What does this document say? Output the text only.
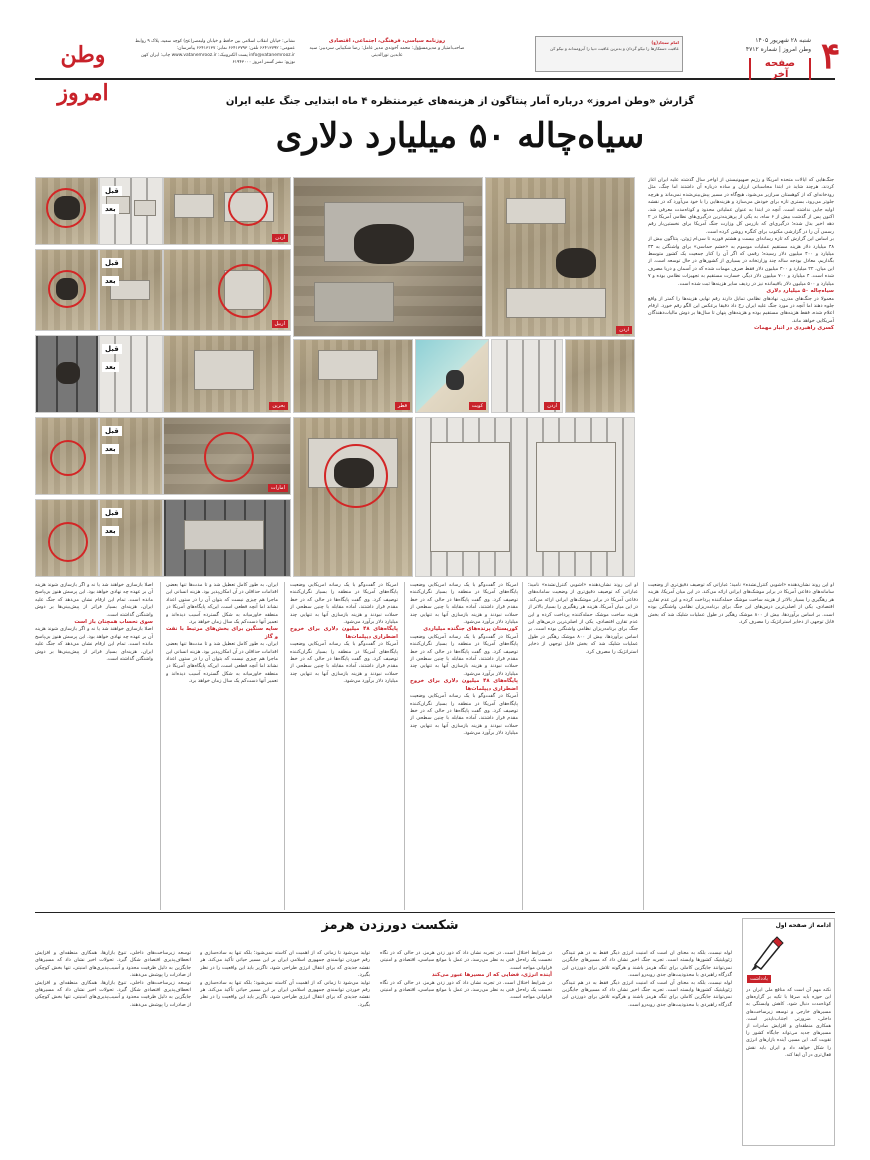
وطن امروز
نشانی: خیابان انقلاب اسلامی بین حافظ و خیابان ولیعصر(عج) کوچه سعید، پلاک ۹ روابط عمومی: ۶۶۴۱۳۷۹۲ تلفن: ۶۶۴۱۳۷۹۳ نمابر: ۶۶۴۱۳۱۳۷ پیامرسان: info@vatanemrooz.ir پست الکترونیک: www.vatanemrooz.ir چاپ: ایران کهن توزیع: نشر گستر امروز ۶۱۹۴۳۰۰۰
روزنامه سیاسی، فرهنگی، اجتماعی، اقتصادی
صاحب‌امتیاز و مدیرمسؤول: محمد آخوندی مدیر عامل: رضا شکیبایی سردبیر: سید عابدین نورالدینی
امام سجاد(ع)
عاقبت دستکارها را نیکو گردان و بدترین عاقبت دنیا را آبرومندانه و نیکو کن
شنبه ۲۸ شهریور ۱۴۰۵
وطن امروز | شماره ۴۷۱۲
صفحه آخر ۴
گزارش «وطن امروز» درباره آمار پنتاگون از هزینه‌های غیرمنتظره ۴ ماه ابتدایی جنگ علیه ایران
سیاه‌چاله ۵۰ میلیارد دلاری
قبل
بعد
اردن
اردن
قبل
بعد
اربیل
قبل
بعد
بحرین	قطر	کویت	اردن
قبل
بعد
امارات
قبل
بعد

جنگ‌هایی که ایالات متحده آمریکا و رژیم صهیونیستی از اواخر سال گذشته علیه ایران آغاز کردند، هرچند شاید در ابتدا محاسباتی ارزان و ساده درباره آن داشتند اما چنگ، مثل رودخانه‌ای که از کوهستان سرازیر می‌شود، هیچ‌گاه در مسیر پیش‌بینی‌شده نمی‌ماند و هرچه جلوتر می‌رود، بستری تازه برای خودش می‌سازد و هزینه‌هایی را با خود می‌آورد که در نقشه اولیه جایی نداشته است. آنچه در ابتدا به عنوان عملیاتی محدود و کوتاه‌مدت معرفی شد، اکنون پس از گذشت بیش از ۶ ساه، به یکی از پرهزینه‌ترین درگیری‌های نظامی آمریکا در ۲ دهه اخیر بدل شده؛ درگیری‌ای که بازرس کل وزارت جنگ آمریکا برای نخستین‌بار رقم رسمی آن را در گزارشی مکتوب برای کنگره روشن کرده است.

بر اساس این گزارش که تازه رسانه‌ای بیست و هشتم فوریه تا سی‌ام ژوئن، پنتاگون بیش از ۴۸ میلیارد دلار هزینه مستقیم عملیات موسوم به «خشم حماسی» برای واشنگتن به ۳۳ میلیارد و ۴۰۰ میلیون دلار رسیده؛ رقمی که اگر آن را کنار جمعیت یک کشور متوسط بگذاریم، معادل بودجه ساله چند وزارتخانه در بسیاری از کشورهای در حال توسعه است. از این میان، ۲۲ میلیارد و ۳۰۰ میلیون دلار فقط صرف مهمات شده که در آسمان و دریا مصرف شده است. ۴ میلیارد و ۷۰۰ میلیون دلار دیگر، خسارت مستقیم به تجهیزات نظامی بوده و ۷ میلیارد و ۵۰۰ میلیون دلار باقیمانده نیز در ردیف سایر هزینه‌ها ثبت شده است.

سیاه‌چاله ۵۰ میلیارد دلاری

معمولا در جنگ‌های مدرن، نهادهای نظامی تمایل دارند رقم نهایی هزینه‌ها را کمتر از واقع جلوه دهند اما آنچه در مورد جنگ علیه ایران رخ داد دقیقا برعکس این الگو رقم خورد. ارقام اعلام شده، فقط هزینه‌های مستقیم بوده و هزینه‌های پنهان تا سال‌ها بر دوش مالیات‌دهندگان آمریکایی خواهد ماند.

کسری راهبردی در انبار مهمات

او این روند نشان‌دهنده «آشوبی کنترل‌نشده» نامید؛ عباراتی که توصیف دقیق‌تری از وضعیت سامانه‌های دفاعی آمریکا در برابر موشک‌های ایرانی ارائه می‌کند. در این میان آمریکا، هزینه هر رهگیری را بسیار بالاتر از هزینه ساخت موشک حمله‌کننده پرداخت کرده و این عدم تقارن اقتصادی، یکی از اصلی‌ترین درس‌های این جنگ برای برنامه‌ریزان نظامی واشنگتن بوده است. بر اساس برآوردها، بیش از ۸۰۰ موشک رهگیر در طول عملیات شلیک شد که بخش قابل توجهی از ذخایر استراتژیک را مصرف کرد.

او این روند نشان‌دهنده «آشوبی کنترل‌نشده» نامید؛ عباراتی که توصیف دقیق‌تری از وضعیت سامانه‌های دفاعی آمریکا در برابر موشک‌های ایرانی ارائه می‌کند. در این میان آمریکا، هزینه هر رهگیری را بسیار بالاتر از هزینه ساخت موشک حمله‌کننده پرداخت کرده و این عدم تقارن اقتصادی، یکی از اصلی‌ترین درس‌های این جنگ برای برنامه‌ریزان نظامی واشنگتن بوده است. بر اساس برآوردها، بیش از ۸۰۰ موشک رهگیر در طول عملیات شلیک شد که بخش قابل توجهی از ذخایر استراتژیک را مصرف کرد.

آمریکا در گفت‌وگو با یک رسانه آمریکایی وضعیت پایگاه‌های آمریکا در منطقه را بسیار نگران‌کننده توصیف کرد. وی گفت پایگاه‌ها در حالی که در خط مقدم قرار داشتند، آماده مقابله با چنین سطحی از حملات نبودند و هزینه بازسازی آنها به تنهایی چند میلیارد دلار برآورد می‌شود.

کوریستان پرنده‌های جنگنده میلیاردی

آمریکا در گفت‌وگو با یک رسانه آمریکایی وضعیت پایگاه‌های آمریکا در منطقه را بسیار نگران‌کننده توصیف کرد. وی گفت پایگاه‌ها در حالی که در خط مقدم قرار داشتند، آماده مقابله با چنین سطحی از حملات نبودند و هزینه بازسازی آنها به تنهایی چند میلیارد دلار برآورد می‌شود.

پایگاه‌های ۴۸ میلیون دلاری برای خروج اضطراری دیپلمات‌ها

آمریکا در گفت‌وگو با یک رسانه آمریکایی وضعیت پایگاه‌های آمریکا در منطقه را بسیار نگران‌کننده توصیف کرد. وی گفت پایگاه‌ها در حالی که در خط مقدم قرار داشتند، آماده مقابله با چنین سطحی از حملات نبودند و هزینه بازسازی آنها به تنهایی چند میلیارد دلار برآورد می‌شود.

آمریکا در گفت‌وگو با یک رسانه آمریکایی وضعیت پایگاه‌های آمریکا در منطقه را بسیار نگران‌کننده توصیف کرد. وی گفت پایگاه‌ها در حالی که در خط مقدم قرار داشتند، آماده مقابله با چنین سطحی از حملات نبودند و هزینه بازسازی آنها به تنهایی چند میلیارد دلار برآورد می‌شود.

پایگاه‌های ۴۸ میلیون دلاری برای خروج اضطراری دیپلمات‌ها

آمریکا در گفت‌وگو با یک رسانه آمریکایی وضعیت پایگاه‌های آمریکا در منطقه را بسیار نگران‌کننده توصیف کرد. وی گفت پایگاه‌ها در حالی که در خط مقدم قرار داشتند، آماده مقابله با چنین سطحی از حملات نبودند و هزینه بازسازی آنها به تنهایی چند میلیارد دلار برآورد می‌شود.

ایران، به طور کامل تعطیل شد و تا مدت‌ها تنها بعضی اقدامات حداقلی در آن امکان‌پذیر بود. هزینه انسانی این ماجرا هم چیزی نیست که بتوان آن را در ستون اعداد نشاند اما آنچه قطعی است، این‌که پایگاه‌های آمریکا در منطقه خاورمیانه به شکل گسترده آسیب دیده‌اند و تعمیر آنها دست‌کم یک سال زمان خواهد برد.

سایه سنگین برای بخش‌های مرتبط با نفت و گاز

ایران، به طور کامل تعطیل شد و تا مدت‌ها تنها بعضی اقدامات حداقلی در آن امکان‌پذیر بود. هزینه انسانی این ماجرا هم چیزی نیست که بتوان آن را در ستون اعداد نشاند اما آنچه قطعی است، این‌که پایگاه‌های آمریکا در منطقه خاورمیانه به شکل گسترده آسیب دیده‌اند و تعمیر آنها دست‌کم یک سال زمان خواهد برد.

اصلا بازسازی خواهند شد یا نه و اگر بازسازی شوند هزینه آن بر عهده چه نهادی خواهد بود. این پرسش هنوز بی‌پاسخ مانده است. تمام این ارقام نشان می‌دهد که جنگ علیه ایران، هزینه‌ای بسیار فراتر از پیش‌بینی‌ها بر دوش واشنگتن گذاشته است.

سوی نحساب همچنان باز است

اصلا بازسازی خواهند شد یا نه و اگر بازسازی شوند هزینه آن بر عهده چه نهادی خواهد بود. این پرسش هنوز بی‌پاسخ مانده است. تمام این ارقام نشان می‌دهد که جنگ علیه ایران، هزینه‌ای بسیار فراتر از پیش‌بینی‌ها بر دوش واشنگتن گذاشته است.

شکست دورزدن هرمز

لوله نیست، بلکه به معنای آن است که امنیت انرژی دیگر فقط به در هم تنیدگی ژئوپلیتیک کشورها وابسته است. تجربه جنگ اخیر نشان داد که مسیرهای جایگزین نمی‌توانند جایگزین کاملی برای تنگه هرمز باشند و هرگونه تلاش برای دورزدن این گذرگاه راهبردی با محدودیت‌های جدی روبه‌رو است.

لوله نیست، بلکه به معنای آن است که امنیت انرژی دیگر فقط به در هم تنیدگی ژئوپلیتیک کشورها وابسته است. تجربه جنگ اخیر نشان داد که مسیرهای جایگزین نمی‌توانند جایگزین کاملی برای تنگه هرمز باشند و هرگونه تلاش برای دورزدن این گذرگاه راهبردی با محدودیت‌های جدی روبه‌رو است.

در شرایط اختلال است. در تجربه نشان داد که دور زدن هرمز، در حالی که در نگاه نخست یک راه‌حل فنی به نظر می‌رسد، در عمل با موانع سیاسی، اقتصادی و امنیتی فراوانی مواجه است.

آینده انرژی، فضایی که از مسیرها عبور می‌کند

در شرایط اختلال است. در تجربه نشان داد که دور زدن هرمز، در حالی که در نگاه نخست یک راه‌حل فنی به نظر می‌رسد، در عمل با موانع سیاسی، اقتصادی و امنیتی فراوانی مواجه است.

تولید می‌شود تا زمانی که از اهمیت آن کاسته نمی‌شود؛ بلکه تنها به ساده‌سازی و رقم خوردن توانمندی جمهوری اسلامی ایران بر این مسیر حیاتی تأکید می‌کند. هر نقشه جدیدی که برای انتقال انرژی طراحی شود، ناگزیر باید این واقعیت را در نظر بگیرد.

تولید می‌شود تا زمانی که از اهمیت آن کاسته نمی‌شود؛ بلکه تنها به ساده‌سازی و رقم خوردن توانمندی جمهوری اسلامی ایران بر این مسیر حیاتی تأکید می‌کند. هر نقشه جدیدی که برای انتقال انرژی طراحی شود، ناگزیر باید این واقعیت را در نظر بگیرد.

توسعه زیرساخت‌های داخلی، تنوع بازارها، همکاری منطقه‌ای و افزایش انعطاف‌پذیری اقتصادی شکل گیرد. تحولات اخیر نشان داد که مسیرهای جایگزین به دلیل ظرفیت محدود و آسیب‌پذیری‌های امنیتی، تنها بخش کوچکی از صادرات را پوشش می‌دهند.

توسعه زیرساخت‌های داخلی، تنوع بازارها، همکاری منطقه‌ای و افزایش انعطاف‌پذیری اقتصادی شکل گیرد. تحولات اخیر نشان داد که مسیرهای جایگزین به دلیل ظرفیت محدود و آسیب‌پذیری‌های امنیتی، تنها بخش کوچکی از صادرات را پوشش می‌دهند.

ادامه از صفحه اول
یادداشت
نکته مهم آن است که منافع ملی ایران در این حوزه باید صرفا با تکیه بر گزاره‌های کوتاه‌مدت دنبال شود. کاهش وابستگی به مسیرهای خارجی و توسعه زیرساخت‌های داخلی، ضرورتی اجتناب‌ناپذیر است. همکاری منطقه‌ای و افزایش صادرات از مسیرهای جدید می‌تواند جایگاه کشور را تقویت کند. این مسیر، آینده بازارهای انرژی را شکل خواهد داد و ایران باید نقش فعال‌تری در آن ایفا کند.
